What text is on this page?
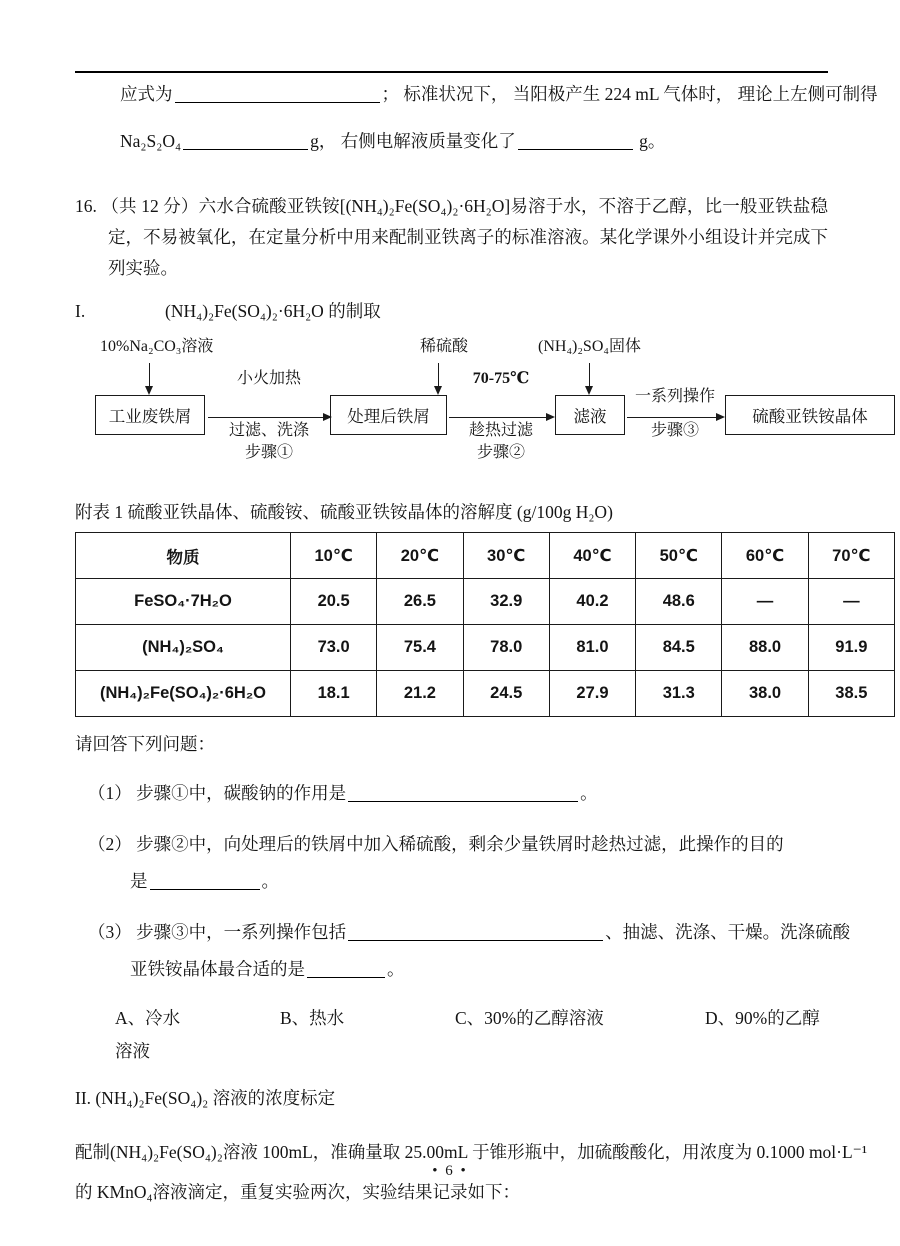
应式为	； 标准状况下， 当阳极产生 224 mL 气体时， 理论上左侧可制得

Na₂S₂O₄	g， 右侧电解液质量变化了	g。

16. （共 12 分）六水合硫酸亚铁铵[(NH₄)₂Fe(SO₄)₂·6H₂O]易溶于水，不溶于乙醇，比一般亚铁盐稳定，不易被氧化，在定量分析中用来配制亚铁离子的标准溶液。某化学课外小组设计并完成下列实验。

I.	(NH₄)₂Fe(SO₄)₂·6H₂O 的制取

10%Na₂CO₃溶液	稀硫酸	(NH₄)₂SO₄固体
工业废铁屑	处理后铁屑	滤液	硫酸亚铁铵晶体
小火加热
过滤、洗涤
步骤①
70-75℃
趁热过滤
步骤②
一系列操作
步骤③

附表 1 硫酸亚铁晶体、硫酸铵、硫酸亚铁铵晶体的溶解度 (g/100g H₂O)

物质	10℃	20℃	30℃	40℃	50℃	60℃	70℃
FeSO₄·7H₂O	20.5	26.5	32.9	40.2	48.6	—	—
(NH₄)₂SO₄	73.0	75.4	78.0	81.0	84.5	88.0	91.9
(NH₄)₂Fe(SO₄)₂·6H₂O	18.1	21.2	24.5	27.9	31.3	38.0	38.5

请回答下列问题：

（1） 步骤①中，碳酸钠的作用是	。

（2） 步骤②中，向处理后的铁屑中加入稀硫酸，剩余少量铁屑时趁热过滤，此操作的目的

是	。

（3） 步骤③中，一系列操作包括	、抽滤、洗涤、干燥。洗涤硫酸

亚铁铵晶体最合适的是	。

A、冷水	B、热水	C、30%的乙醇溶液	D、90%的乙醇

溶液

II. (NH₄)₂Fe(SO₄)₂ 溶液的浓度标定

配制(NH₄)₂Fe(SO₄)₂溶液 100mL，准确量取 25.00mL 于锥形瓶中，加硫酸酸化，用浓度为 0.1000 mol·L⁻¹

的 KMnO₄溶液滴定，重复实验两次，实验结果记录如下：

• 6 •
